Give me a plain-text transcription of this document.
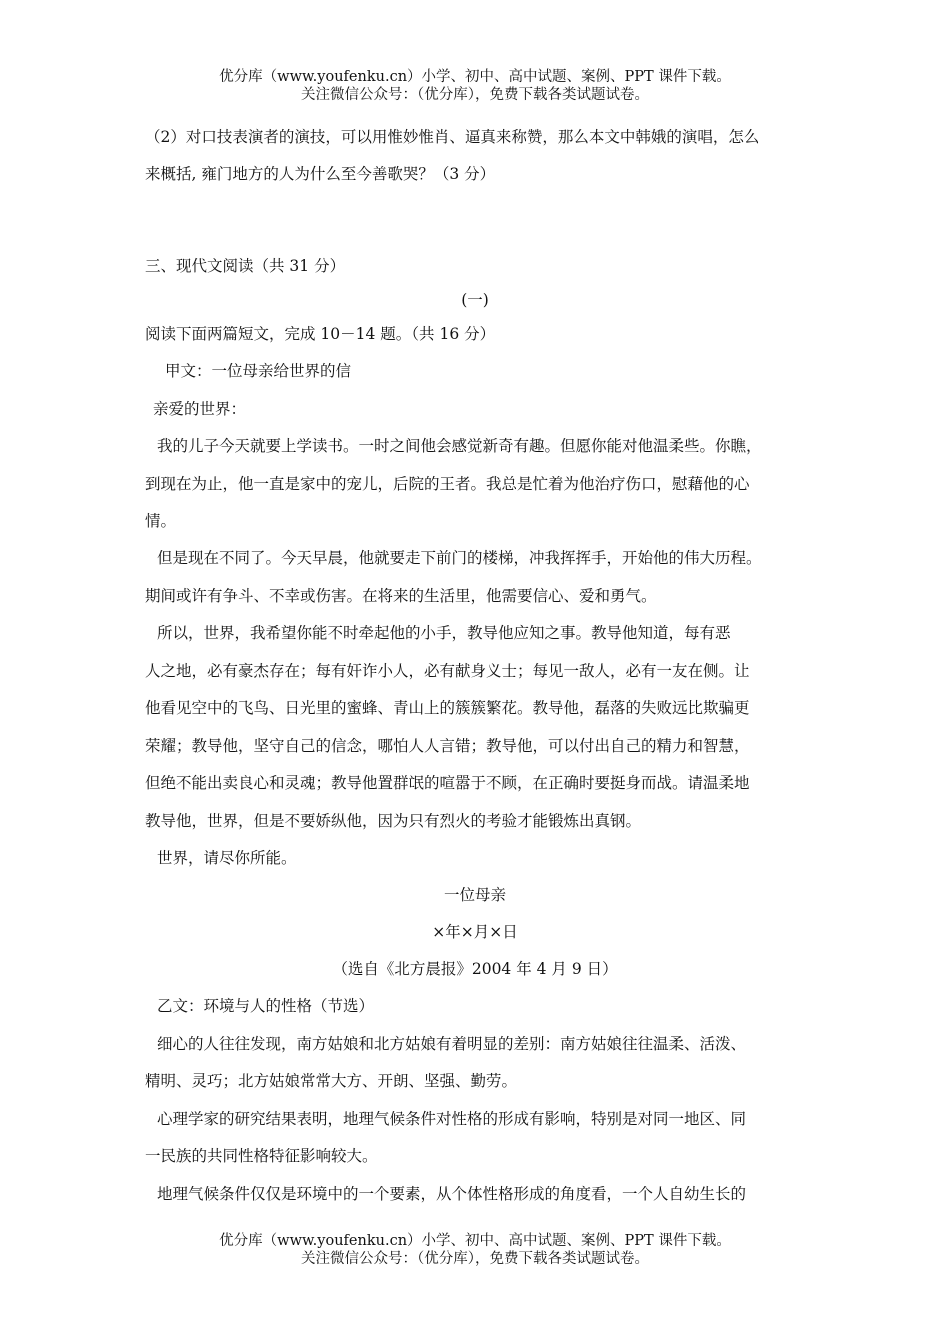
优分库（www.youfenku.cn）小学、初中、高中试题、案例、PPT 课件下载。
关注微信公众号：（优分库），免费下载各类试题试卷。
（2）对口技表演者的演技，可以用惟妙惟肖、逼真来称赞，那么本文中韩娥的演唱，怎么
来概括, 雍门地方的人为什么至今善歌哭？（3 分）
三、现代文阅读（共 31 分）
(一)
阅读下面两篇短文，完成 10－14 题。（共 16 分）
甲文：一位母亲给世界的信
亲爱的世界：
我的儿子今天就要上学读书。一时之间他会感觉新奇有趣。但愿你能对他温柔些。你瞧，
到现在为止，他一直是家中的宠儿，后院的王者。我总是忙着为他治疗伤口，慰藉他的心
情。
但是现在不同了。今天早晨，他就要走下前门的楼梯，冲我挥挥手，开始他的伟大历程。
期间或许有争斗、不幸或伤害。在将来的生活里，他需要信心、爱和勇气。
所以，世界，我希望你能不时牵起他的小手，教导他应知之事。教导他知道，每有恶
人之地，必有豪杰存在；每有奸诈小人，必有献身义士；每见一敌人，必有一友在侧。让
他看见空中的飞鸟、日光里的蜜蜂、青山上的簇簇繁花。教导他，磊落的失败远比欺骗更
荣耀；教导他，坚守自己的信念，哪怕人人言错；教导他，可以付出自己的精力和智慧，
但绝不能出卖良心和灵魂；教导他置群氓的喧嚣于不顾，在正确时要挺身而战。请温柔地
教导他，世界，但是不要娇纵他，因为只有烈火的考验才能锻炼出真钢。
世界，请尽你所能。
一位母亲
×年×月×日
（选自《北方晨报》2004 年 4 月 9 日）
乙文：环境与人的性格（节选）
细心的人往往发现，南方姑娘和北方姑娘有着明显的差别：南方姑娘往往温柔、活泼、
精明、灵巧；北方姑娘常常大方、开朗、坚强、勤劳。
心理学家的研究结果表明，地理气候条件对性格的形成有影响，特别是对同一地区、同
一民族的共同性格特征影响较大。
地理气候条件仅仅是环境中的一个要素，从个体性格形成的角度看，一个人自幼生长的
优分库（www.youfenku.cn）小学、初中、高中试题、案例、PPT 课件下载。
关注微信公众号：（优分库），免费下载各类试题试卷。
